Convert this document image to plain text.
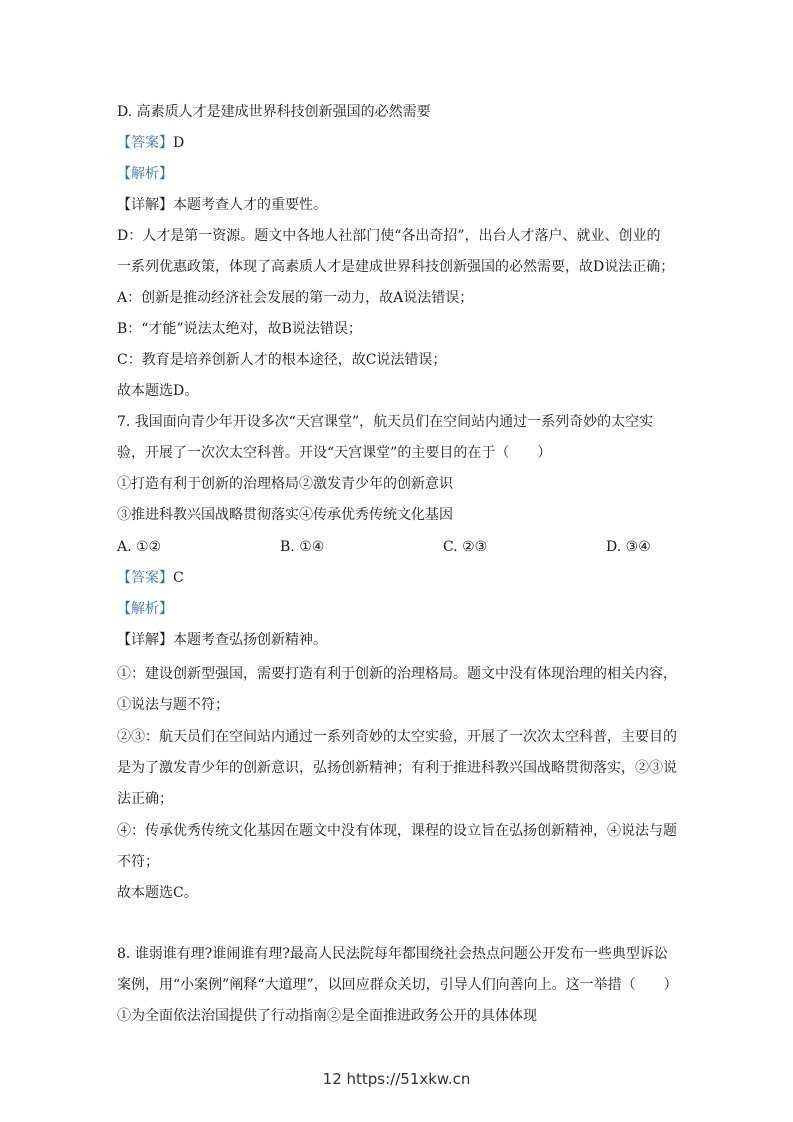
D. 高素质人才是建成世界科技创新强国的必然需要
【答案】D
【解析】
【详解】本题考查人才的重要性。
D：人才是第一资源。题文中各地人社部门使“各出奇招”，出台人才落户、就业、创业的
一系列优惠政策，体现了高素质人才是建成世界科技创新强国的必然需要，故D说法正确；
A：创新是推动经济社会发展的第一动力，故A说法错误；
B：“才能”说法太绝对，故B说法错误；
C：教育是培养创新人才的根本途径，故C说法错误；
故本题选D。
7. 我国面向青少年开设多次“天宫课堂”，航天员们在空间站内通过一系列奇妙的太空实
验，开展了一次次太空科普。开设“天宫课堂”的主要目的在于（　　）
①打造有利于创新的治理格局②激发青少年的创新意识
③推进科教兴国战略贯彻落实④传承优秀传统文化基因
A. ①②	B. ①④	C. ②③	D. ③④
【答案】C
【解析】
【详解】本题考查弘扬创新精神。
①：建设创新型强国，需要打造有利于创新的治理格局。题文中没有体现治理的相关内容，
①说法与题不符；
②③：航天员们在空间站内通过一系列奇妙的太空实验，开展了一次次太空科普，主要目的
是为了激发青少年的创新意识，弘扬创新精神；有利于推进科教兴国战略贯彻落实，②③说
法正确；
④：传承优秀传统文化基因在题文中没有体现，课程的设立旨在弘扬创新精神，④说法与题
不符；
故本题选C。
8. 谁弱谁有理?谁闹谁有理?最高人民法院每年都围绕社会热点问题公开发布一些典型诉讼
案例，用“小案例”阐释“大道理”，以回应群众关切，引导人们向善向上。这一举措（　　）
①为全面依法治国提供了行动指南②是全面推进政务公开的具体体现
12 https://51xkw.cn
